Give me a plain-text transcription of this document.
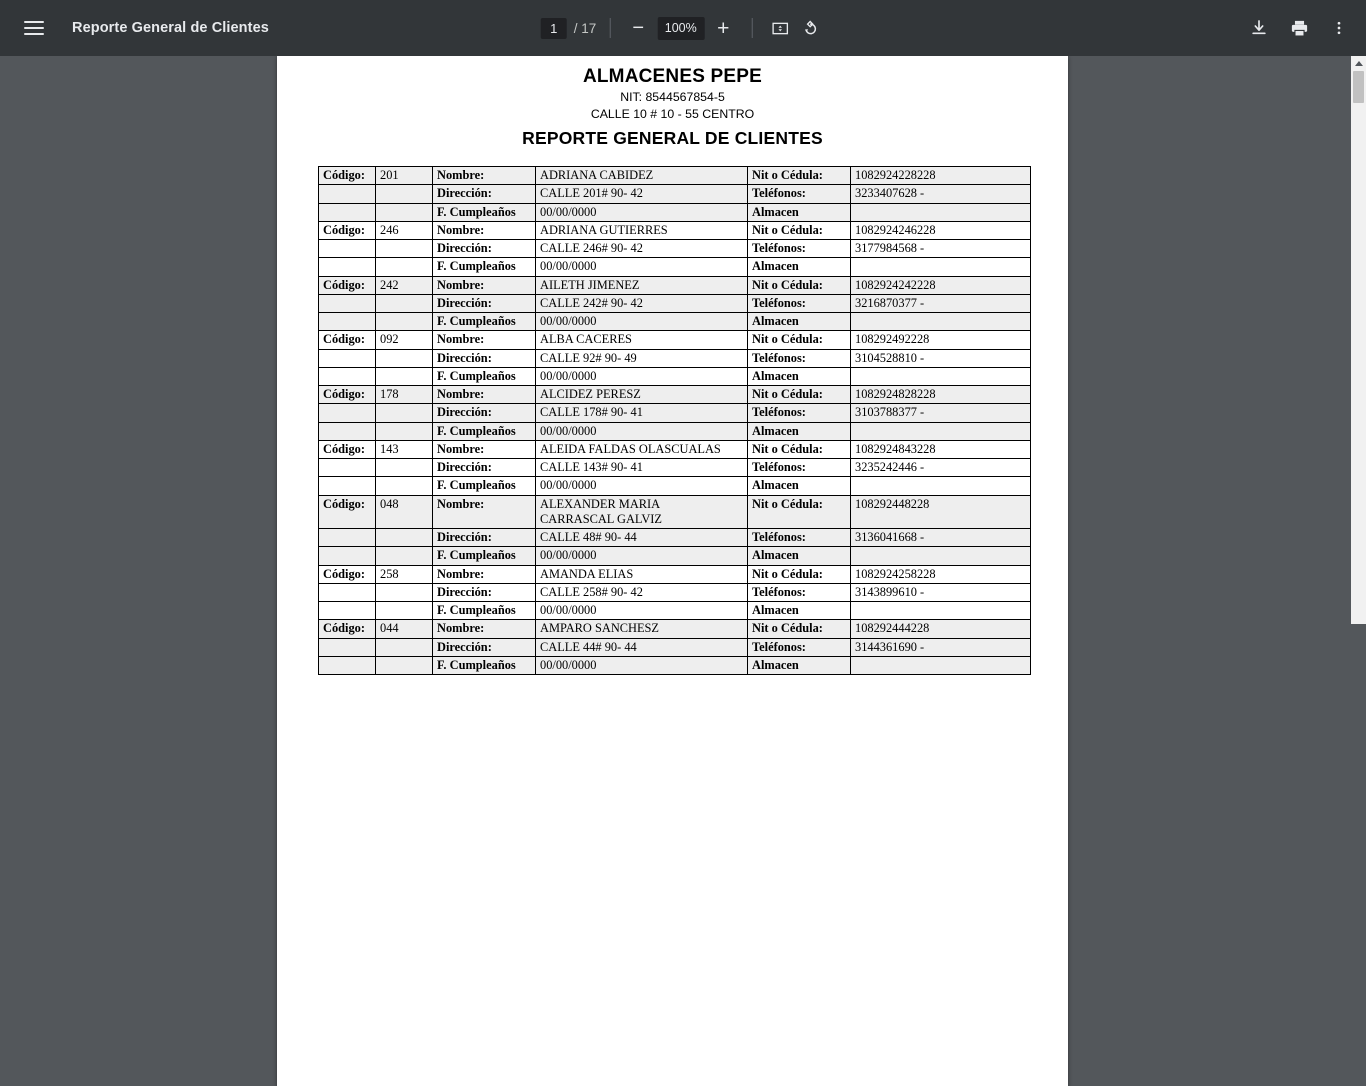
Reporte General de Clientes
1	/ 17 −	100% +
ALMACENES PEPE
NIT: 8544567854-5
CALLE 10 # 10 - 55 CENTRO
REPORTE GENERAL DE CLIENTES
Código:	201	Nombre:	ADRIANA CABIDEZ	Nit o Cédula:	1082924228228
		Dirección:	CALLE 201# 90- 42	Teléfonos:	3233407628 -
		F. Cumpleaños	00/00/0000	Almacen	
Código:	246	Nombre:	ADRIANA GUTIERRES	Nit o Cédula:	1082924246228
		Dirección:	CALLE 246# 90- 42	Teléfonos:	3177984568 -
		F. Cumpleaños	00/00/0000	Almacen	
Código:	242	Nombre:	AILETH JIMENEZ	Nit o Cédula:	1082924242228
		Dirección:	CALLE 242# 90- 42	Teléfonos:	3216870377 -
		F. Cumpleaños	00/00/0000	Almacen	
Código:	092	Nombre:	ALBA CACERES	Nit o Cédula:	108292492228
		Dirección:	CALLE 92# 90- 49	Teléfonos:	3104528810 -
		F. Cumpleaños	00/00/0000	Almacen	
Código:	178	Nombre:	ALCIDEZ PERESZ	Nit o Cédula:	1082924828228
		Dirección:	CALLE 178# 90- 41	Teléfonos:	3103788377 -
		F. Cumpleaños	00/00/0000	Almacen	
Código:	143	Nombre:	ALEIDA FALDAS OLASCUALAS	Nit o Cédula:	1082924843228
		Dirección:	CALLE 143# 90- 41	Teléfonos:	3235242446 -
		F. Cumpleaños	00/00/0000	Almacen	
Código:	048	Nombre:	ALEXANDER MARIA
CARRASCAL GALVIZ	Nit o Cédula:	108292448228
		Dirección:	CALLE 48# 90- 44	Teléfonos:	3136041668 -
		F. Cumpleaños	00/00/0000	Almacen	
Código:	258	Nombre:	AMANDA ELIAS	Nit o Cédula:	1082924258228
		Dirección:	CALLE 258# 90- 42	Teléfonos:	3143899610 -
		F. Cumpleaños	00/00/0000	Almacen	
Código:	044	Nombre:	AMPARO SANCHESZ	Nit o Cédula:	108292444228
		Dirección:	CALLE 44# 90- 44	Teléfonos:	3144361690 -
		F. Cumpleaños	00/00/0000	Almacen	
